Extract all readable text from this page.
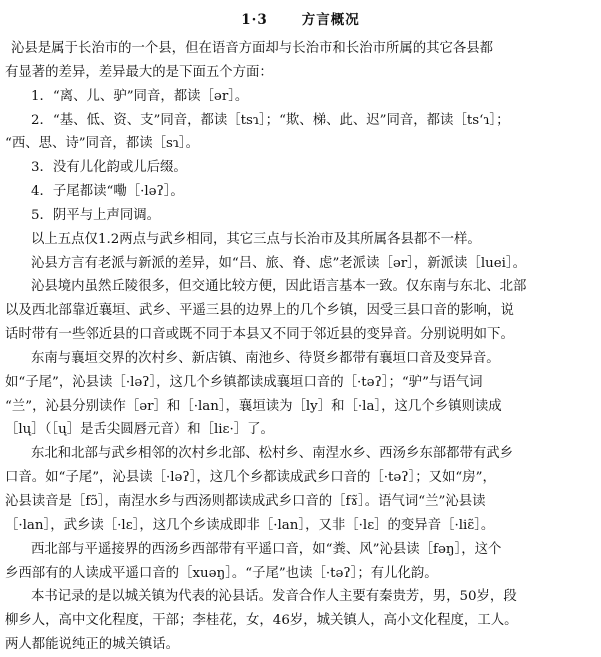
1·3	方言概况
沁县是属于长治市的一个县，但在语音方面却与长治市和长治市所属的其它各县都
有显著的差异，差异最大的是下面五个方面：
1．“离、儿、驴”同音，都读［ər］。
2．“基、低、资、支”同音，都读［tsɿ］；“欺、梯、此、迟”同音，都读［tsʻɿ］；
“西、思、诗”同音，都读［sɿ］。
3．没有儿化韵或儿后缀。
4．子尾都读“嘞［·ləʔ］。
5．阴平与上声同调。
以上五点仅1.2两点与武乡相同，其它三点与长治市及其所属各县都不一样。
沁县方言有老派与新派的差异，如“吕、旅、脊、虑”老派读［ər］，新派读［luei］。
沁县境内虽然丘陵很多，但交通比较方便，因此语言基本一致。仅东南与东北、北部
以及西北部靠近襄垣、武乡、平遥三县的边界上的几个乡镇，因受三县口音的影响，说
话时带有一些邻近县的口音或既不同于本县又不同于邻近县的变异音。分别说明如下。
东南与襄垣交界的次村乡、新店镇、南池乡、待贤乡都带有襄垣口音及变异音。
如“子尾”，沁县读［·ləʔ］，这几个乡镇都读成襄垣口音的［·təʔ］；“驴”与语气词
“兰”，沁县分别读作［ər］和［·lan］，襄垣读为［ly］和［·la］，这几个乡镇则读成
［lų］（［ų］是舌尖圆唇元音）和［liɛ·］了。
东北和北部与武乡相邻的次村乡北部、松村乡、南涅水乡、西汤乡东部都带有武乡
口音。如“子尾”，沁县读［·ləʔ］，这几个乡都读成武乡口音的［·təʔ］；又如“房”，
沁县读音是［fɔ̃］，南涅水乡与西汤则都读成武乡口音的［fɤ̃］。语气词“兰”沁县读
［·lan］，武乡读［·lɛ］，这几个乡读成即非［·lan］，又非［·lɛ］的变异音［·liɛ̃］。
西北部与平遥接界的西汤乡西部带有平遥口音，如“粪、风”沁县读［fəŋ］，这个
乡西部有的人读成平遥口音的［xuəŋ］。“子尾”也读［·təʔ］；有儿化韵。
本书记录的是以城关镇为代表的沁县话。发音合作人主要有秦贵芳，男，50岁，段
柳乡人，高中文化程度，干部；李桂花，女，46岁，城关镇人，高小文化程度，工人。
两人都能说纯正的城关镇话。
